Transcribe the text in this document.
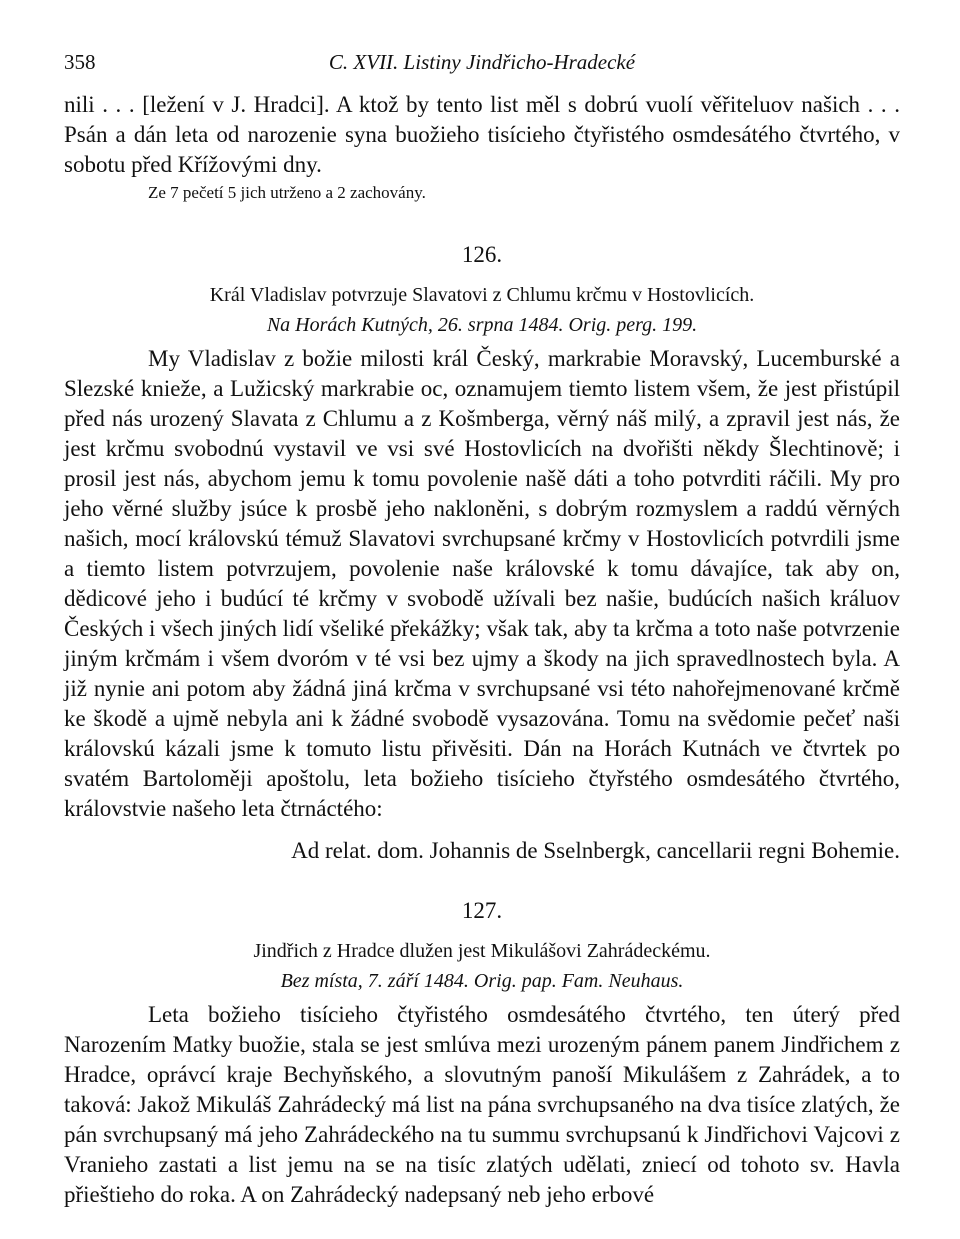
358	C. XVII. Listiny Jindřicho-Hradecké

nili . . . [ležení v J. Hradci]. A ktož by tento list měl s dobrú vuolí věřiteluov našich . . . Psán a dán leta od narozenie syna buožieho tisícieho čtyřistého osmdesátého čtvrtého, v sobotu před Křížovými dny.

Ze 7 pečetí 5 jich utrženo a 2 zachovány.

126.

Král Vladislav potvrzuje Slavatovi z Chlumu krčmu v Hostovlicích.

Na Horách Kutných, 26. srpna 1484. Orig. perg. 199.

My Vladislav z božie milosti král Český, markrabie Moravský, Lucemburské a Slezské knieže, a Lužicský markrabie oc, oznamujem tiemto listem všem, že jest přistúpil před nás urozený Slavata z Chlumu a z Košmberga, věrný náš milý, a zpravil jest nás, že jest krčmu svobodnú vystavil ve vsi své Hostovlicích na dvořišti někdy Šlechtinově; i prosil jest nás, abychom jemu k tomu povolenie našě dáti a toho potvrditi ráčili. My pro jeho věrné služby jsúce k prosbě jeho nakloněni, s dobrým rozmyslem a raddú věrných našich, mocí královskú témuž Slavatovi svrchupsané krčmy v Hostovlicích potvrdili jsme a tiemto listem potvrzujem, povolenie naše královské k tomu dávajíce, tak aby on, dědicové jeho i budúcí té krčmy v svobodě užívali bez našie, budúcích našich králuov Českých i všech jiných lidí všeliké překážky; však tak, aby ta krčma a toto naše potvrzenie jiným krčmám i všem dvoróm v té vsi bez ujmy a škody na jich spravedlnostech byla. A již nynie ani potom aby žádná jiná krčma v svrchupsané vsi této nahořejmenované krčmě ke škodě a ujmě nebyla ani k žádné svobodě vysazována. Tomu na svědomie pečeť naši královskú kázali jsme k tomuto listu přivěsiti. Dán na Horách Kutnách ve čtvrtek po svatém Bartoloměji apoštolu, leta božieho tisícieho čtyřstého osmdesátého čtvrtého, královstvie našeho leta čtrnáctého:

Ad relat. dom. Johannis de Sselnbergk, cancellarii regni Bohemie.

127.

Jindřich z Hradce dlužen jest Mikulášovi Zahrádeckému.

Bez místa, 7. září 1484. Orig. pap. Fam. Neuhaus.

Leta božieho tisícieho čtyřistého osmdesátého čtvrtého, ten úterý před Narozením Matky buožie, stala se jest smlúva mezi urozeným pánem panem Jindřichem z Hradce, oprávcí kraje Bechyňského, a slovutným panoší Mikulášem z Zahrádek, a to taková: Jakož Mikuláš Zahrádecký má list na pána svrchupsaného na dva tisíce zlatých, že pán svrchupsaný má jeho Zahrádeckého na tu summu svrchupsanú k Jindřichovi Vajcovi z Vranieho zastati a list jemu na se na tisíc zlatých udělati, zniecí od tohoto sv. Havla přieštieho do roka. A on Zahrádecký nadepsaný neb jeho erbové
